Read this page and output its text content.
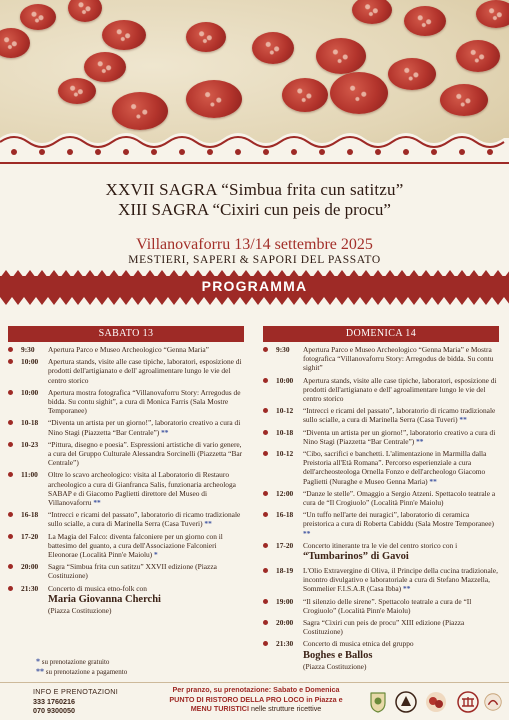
XXVII SAGRA “Simbua frita cun satitzu”
XIII SAGRA “Cixiri cun peis de procu”
Villanovaforru 13/14 settembre 2025
MESTIERI, SAPERI & SAPORI DEL PASSATO
PROGRAMMA
SABATO 13
9:30 Apertura Parco e Museo Archeologico “Genna Maria”
10:00 Apertura stands, visite alle case tipiche, laboratori, esposizione di prodotti dell'artigianato e dell' agroalimentare lungo le vie del centro storico
10:00 Apertura mostra fotografica “Villanovaforru Story: Arregodus de bidda. Su contu sighit”, a cura di Monica Farris (Sala Mostre Temporanee)
10-18 “Diventa un artista per un giorno!”, laboratorio creativo a cura di Nino Stagi (Piazzetta “Bar Centrale”) **
10-23 “Pittura, disegno e poesia”. Espressioni artistiche di vario genere, a cura del Gruppo Culturale Alessandra Sorcinelli (Piazzetta “Bar Centrale”)
11:00 Oltre lo scavo archeologico: visita al Laboratorio di Restauro archeologico a cura di Gianfranca Salis, funzionaria archeologa SABAP e di Giacomo Paglietti direttore del Museo di Villanovaforru **
16-18 “Intrecci e ricami del passato”, laboratorio di ricamo tradizionale sullo scialle, a cura di Marinella Serra (Casa Tuveri) **
17-20 La Magia del Falco: diventa falconiere per un giorno con il battesimo del guanto, a cura dell'Associazione Falconieri Eleonorae (Località Pinn'e Maiolu) *
20:00 Sagra “Simbua frita cun satitzu” XXVII edizione (Piazza Costituzione)
21:30 Concerto di musica etno-folk con
Maria Giovanna Cherchi
(Piazza Costituzione)
DOMENICA 14
9:30 Apertura Parco e Museo Archeologico “Genna Maria” e Mostra fotografica “Villanovaforru Story: Arregodus de bidda. Su contu sighit”
10:00 Apertura stands, visite alle case tipiche, laboratori, esposizione di prodotti dell'artigianato e dell' agroalimentare lungo le vie del centro storico
10-12 “Intrecci e ricami del passato”, laboratorio di ricamo tradizionale sullo scialle, a cura di Marinella Serra (Casa Tuveri) **
10-18 “Diventa un artista per un giorno!”, laboratorio creativo a cura di Nino Stagi (Piazzetta “Bar Centrale”) **
10-12 “Cibo, sacrifici e banchetti. L'alimentazione in Marmilla dalla Preistoria all'Età Romana”. Percorso esperienziale a cura dell'archeosteologa Ornella Fonzo e dell'archeologo Giacomo Paglietti (Nuraghe e Museo Genna Maria) **
12:00 “Danze le stelle”. Omaggio a Sergio Atzeni. Spettacolo teatrale a cura de “Il Crogiuolo” (Località Pinn'e Maiolu)
16-18 “Un tuffo nell'arte dei nuragici”, laboratorio di ceramica preistorica a cura di Roberta Cabiddu (Sala Mostre Temporanee) **
17-20 Concerto itinerante tra le vie del centro storico con i
“Tumbarinos” di Gavoi
18-19 L'Olio Extravergine di Oliva, il Principe della cucina tradizionale, incontro divulgativo e laboratoriale a cura di Stefano Mazzella, Sommelier F.I.S.A.R (Casa Ibba) **
19:00 “Il silenzio delle sirene”. Spettacolo teatrale a cura de “Il Crogiuolo” (Località Pinn'e Maiolu)
20:00 Sagra “Cixiri cun peis de procu” XIII edizione (Piazza Costituzione)
21:30 Concerto di musica etnica del gruppo
Boghes e Ballos
(Piazza Costituzione)
* su prenotazione gratuito
** su prenotazione a pagamento
INFO E PRENOTAZIONI
333 1760216
070 9300050
Per pranzo, su prenotazione: Sabato e Domenica
PUNTO DI RISTORO DELLA PRO LOCO in Piazza e
MENU TURISTICI nelle strutture ricettive
